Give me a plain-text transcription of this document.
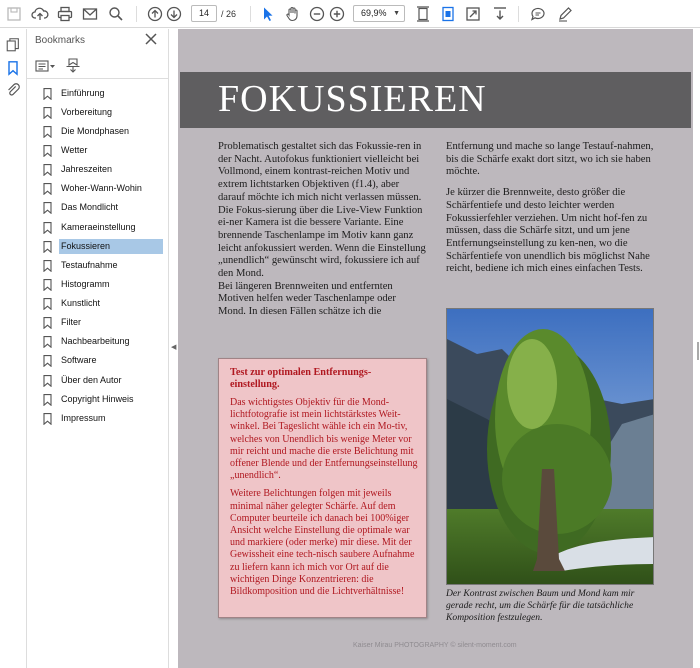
14	/ 26	69,9% ▼
Bookmarks
Einführung
Vorbereitung
Die Mondphasen
Wetter
Jahreszeiten
Woher-Wann-Wohin
Das Mondlicht
Kameraeinstellung
Fokussieren
Testaufnahme
Histogramm
Kunstlicht
Filter
Nachbearbeitung
Software
Über den Autor
Copyright Hinweis
Impressum
◀
FOKUSSIEREN

Problematisch gestaltet sich das Fokussie-ren in der Nacht. Autofokus funktioniert vielleicht bei Vollmond, einem kontrast-reichen Motiv und extrem lichtstarken Objektiven (f1.4), aber darauf möchte ich mich nicht verlassen müssen. Die Fokus-sierung über die Live-View Funktion ei-ner Kamera ist die bessere Variante. Eine brennende Taschenlampe im Motiv kann ganz leicht anfokussiert werden. Wenn die Einstellung „unendlich“ gewünscht wird, fokussiere ich auf den Mond.

Bei längeren Brennweiten und entfernten Motiven helfen weder Taschenlampe oder Mond. In diesen Fällen schätze ich die

Entfernung und mache so lange Testauf-nahmen, bis die Schärfe exakt dort sitzt, wo ich sie haben möchte.

Je kürzer die Brennweite, desto größer die Schärfentiefe und desto leichter werden Fokussierfehler verziehen. Um nicht hof-fen zu müssen, dass die Schärfe sitzt, und um jene Entfernungseinstellung zu ken-nen, wo die Schärfentiefe von unendlich bis möglichst Nahe reicht, bediene ich mich eines einfachen Tests.

Test zur optimalen Entfernungs-einstellung.

Das wichtigstes Objektiv für die Mond-lichtfotografie ist mein lichtstärkstes Weit-winkel. Bei Tageslicht wähle ich ein Mo-tiv, welches von Unendlich bis wenige Meter vor mir reicht und mache die erste Belichtung mit offener Blende und der Entfernungseinstellung „unendlich“.

Weitere Belichtungen folgen mit jeweils minimal näher gelegter Schärfe. Auf dem Computer beurteile ich danach bei 100%iger Ansicht welche Einstellung die optimale war und markiere (oder merke) mir diese. Mit der Gewissheit eine tech-nisch saubere Aufnahme zu liefern kann ich mich vor Ort auf die wichtigen Dinge Konzentrieren: die Bildkomposition und die Lichtverhältnisse!	Der Kontrast zwischen Baum und Mond kam mir gerade recht, um die Schärfe für die tatsächliche Komposition festzulegen.
Kaiser Mirau PHOTOGRAPHY © silent-moment.com
